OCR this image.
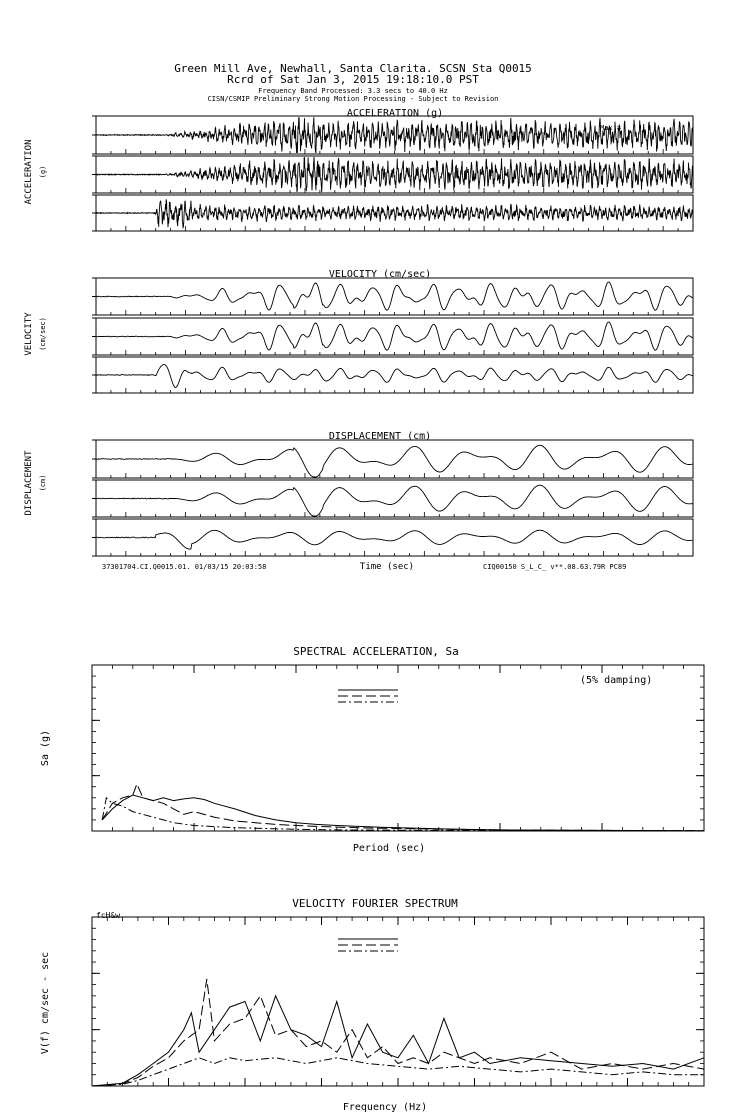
Green Mill Ave, Newhall, Santa Clarita. SCSN Sta Q0015
Rcrd of Sat Jan 3, 2015 19:18:10.0 PST
Frequency Band Processed: 3.3 secs to 40.0 Hz
CISN/CSMIP Preliminary Strong Motion Processing - Subject to Revision
ACCELERATION (g)
ACCELERATION (g)
Max =
VELOCITY (cm/sec)
VELOCITY (cm/sec)
DISPLACEMENT (cm)
DISPLACEMENT (cm)
Time (sec)
37301704.CI.Q0015.01. 01/03/15 20:03:58	CIQ00150 S_L_C_ v**.08.63.79R PC89
SPECTRAL ACCELERATION, Sa
Period (sec)
Sa (g)
(5% damping)
VELOCITY FOURIER SPECTRUM
Frequency (Hz)
V(f) cm/sec - sec
fcH&w
